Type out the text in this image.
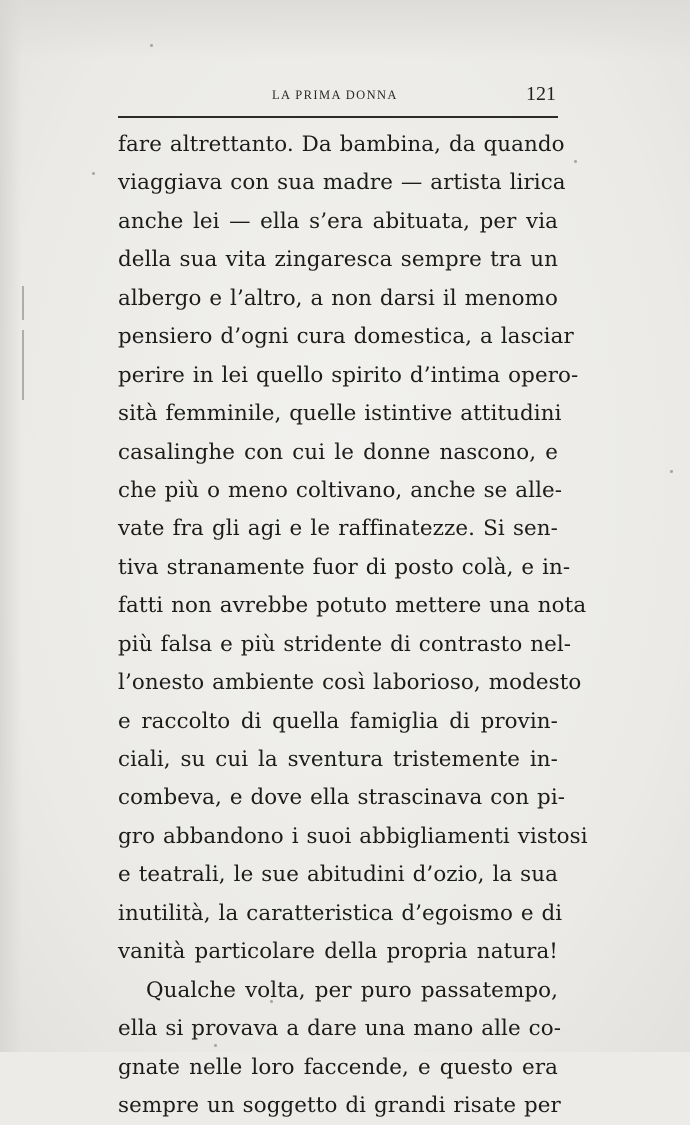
LA PRIMA DONNA	121
fare altrettanto. Da bambina, da quando
viaggiava con sua madre — artista lirica
anche lei — ella s’era abituata, per via
della sua vita zingaresca sempre tra un
albergo e l’altro, a non darsi il menomo
pensiero d’ogni cura domestica, a lasciar
perire in lei quello spirito d’intima opero-
sità femminile, quelle istintive attitudini
casalinghe con cui le donne nascono, e
che più o meno coltivano, anche se alle-
vate fra gli agi e le raffinatezze. Si sen-
tiva stranamente fuor di posto colà, e in-
fatti non avrebbe potuto mettere una nota
più falsa e più stridente di contrasto nel-
l’onesto ambiente così laborioso, modesto
e raccolto di quella famiglia di provin-
ciali, su cui la sventura tristemente in-
combeva, e dove ella strascinava con pi-
gro abbandono i suoi abbigliamenti vistosi
e teatrali, le sue abitudini d’ozio, la sua
inutilità, la caratteristica d’egoismo e di
vanità particolare della propria natura!
Qualche volta, per puro passatempo,
ella si provava a dare una mano alle co-
gnate nelle loro faccende, e questo era
sempre un soggetto di grandi risate per
